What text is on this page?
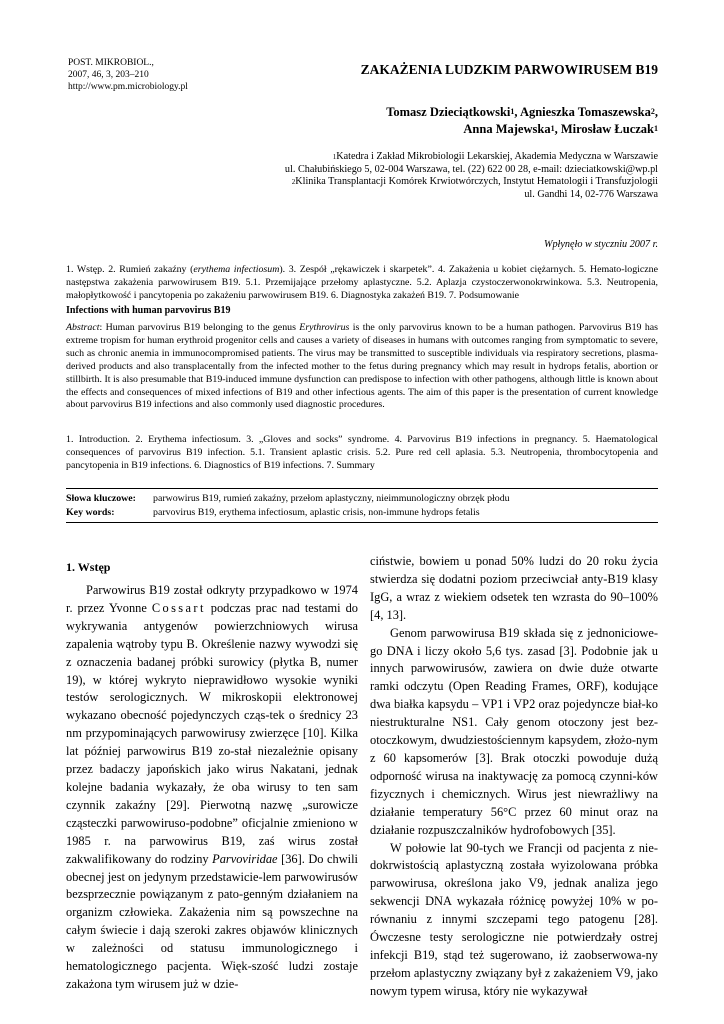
POST. MIKROBIOL.,
2007, 46, 3, 203–210
http://www.pm.microbiology.pl
ZAKAŻENIA LUDZKIM PARWOWIRUSEM B19
Tomasz Dzieciątkowski$^1$, Agnieszka Tomaszewska$^2$,
Anna Majewska$^1$, Mirosław Łuczak$^1$
$^1$Katedra i Zakład Mikrobiologii Lekarskiej, Akademia Medyczna w Warszawie
ul. Chałubińskiego 5, 02-004 Warszawa, tel. (22) 622 00 28, e-mail: dzieciatkowski@wp.pl
$^2$Klinika Transplantacji Komórek Krwiotwórczych, Instytut Hematologii i Transfuzjologii
ul. Gandhi 14, 02-776 Warszawa
Wpłynęło w styczniu 2007 r.
1. Wstęp. 2. Rumień zakaźny (erythema infectiosum). 3. Zespół „rękawiczek i skarpetek”. 4. Zakażenia u kobiet ciężarnych. 5. Hemato-logiczne następstwa zakażenia parwowirusem B19. 5.1. Przemijające przełomy aplastyczne. 5.2. Aplazja czystoczerwonokrwinkowa. 5.3. Neutropenia, małopłytkowość i pancytopenia po zakażeniu parwowirusem B19. 6. Diagnostyka zakażeń B19. 7. Podsumowanie
Infections with human parvovirus B19
Abstract: Human parvovirus B19 belonging to the genus Erythrovirus is the only parvovirus known to be a human pathogen. Parvovirus B19 has extreme tropism for human erythroid progenitor cells and causes a variety of diseases in humans with outcomes ranging from symptomatic to severe, such as chronic anemia in immunocompromised patients. The virus may be transmitted to susceptible individuals via respiratory secretions, plasma-derived products and also transplacentally from the infected mother to the fetus during pregnancy which may result in hydrops fetalis, abortion or stillbirth. It is also presumable that B19-induced immune dysfunction can predispose to infection with other pathogens, although little is known about the effects and consequences of mixed infections of B19 and other infectious agents. The aim of this paper is the presentation of current knowledge about parvovirus B19 infections and also commonly used diagnostic procedures.
1. Introduction. 2. Erythema infectiosum. 3. „Gloves and socks” syndrome. 4. Parvovirus B19 infections in pregnancy. 5. Haematological consequences of parvovirus B19 infection. 5.1. Transient aplastic crisis. 5.2. Pure red cell aplasia. 5.3. Neutropenia, thrombocytopenia and pancytopenia in B19 infections. 6. Diagnostics of B19 infections. 7. Summary
Słowa kluczowe: parwowirus B19, rumień zakaźny, przełom aplastyczny, nieimmunologiczny obrzęk płodu
Key words:	parvovirus B19, erythema infectiosum, aplastic crisis, non-immune hydrops fetalis
1. Wstęp

Parwowirus B19 został odkryty przypadkowo w 1974 r. przez Yvonne Cossart podczas prac nad testami do wykrywania antygenów powierzchniowych wirusa zapalenia wątroby typu B. Określenie nazwy wywodzi się z oznaczenia badanej próbki surowicy (płytka B, numer 19), w której wykryto nieprawidłowo wysokie wyniki testów serologicznych. W mikroskopii elektronowej wykazano obecność pojedynczych cząs-tek o średnicy 23 nm przypominających parwowirusy zwierzęce [10]. Kilka lat później parwowirus B19 zo-stał niezależnie opisany przez badaczy japońskich jako wirus Nakatani, jednak kolejne badania wykazały, że oba wirusy to ten sam czynnik zakaźny [29]. Pierwotną nazwę „surowicze cząsteczki parwowiruso-podobne” oficjalnie zmieniono w 1985 r. na parwowirus B19, zaś wirus został zakwalifikowany do rodziny Parvoviridae [36]. Do chwili obecnej jest on jedynym przedstawicie-lem parwowirusów bezsprzecznie powiązanym z pato-genným działaniem na organizm człowieka. Zakażenia nim są powszechne na całym świecie i dają szeroki zakres objawów klinicznych w zależności od statusu immunologicznego i hematologicznego pacjenta. Więk-szość ludzi zostaje zakażona tym wirusem już w dzie-

ciństwie, bowiem u ponad 50% ludzi do 20 roku życia stwierdza się dodatni poziom przeciwciał anty-B19 klasy IgG, a wraz z wiekiem odsetek ten wzrasta do 90–100% [4, 13].

Genom parwowirusa B19 składa się z jednoniciowe-go DNA i liczy około 5,6 tys. zasad [3]. Podobnie jak u innych parwowirusów, zawiera on dwie duże otwarte ramki odczytu (Open Reading Frames, ORF), kodujące dwa białka kapsydu – VP1 i VP2 oraz pojedyncze biał-ko niestrukturalne NS1. Cały genom otoczony jest bez-otoczkowym, dwudziestościennym kapsydem, złożo-nym z 60 kapsomerów [3]. Brak otoczki powoduje dużą odporność wirusa na inaktywację za pomocą czynni-ków fizycznych i chemicznych. Wirus jest niewrażliwy na działanie temperatury 56°C przez 60 minut oraz na działanie rozpuszczalników hydrofobowych [35].

W połowie lat 90-tych we Francji od pacjenta z nie-dokrwistością aplastyczną została wyizolowana próbka parwowirusa, określona jako V9, jednak analiza jego sekwencji DNA wykazała różnicę powyżej 10% w po-równaniu z innymi szczepami tego patogenu [28]. Ówczesne testy serologiczne nie potwierdzały ostrej infekcji B19, stąd też sugerowano, iż zaobserwowa-ny przełom aplastyczny związany był z zakażeniem V9, jako nowym typem wirusa, który nie wykazywał
